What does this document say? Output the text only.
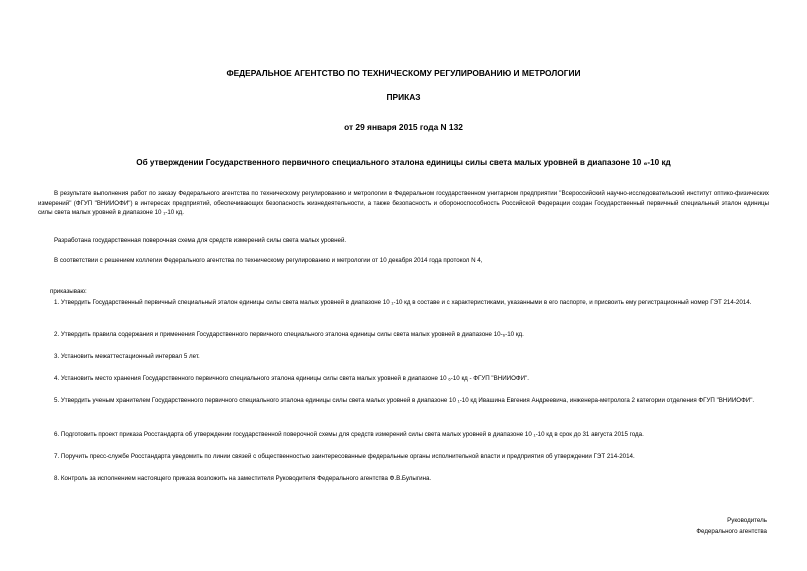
ФЕДЕРАЛЬНОЕ АГЕНТСТВО ПО ТЕХНИЧЕСКОМУ РЕГУЛИРОВАНИЮ И МЕТРОЛОГИИ
ПРИКАЗ
от 29 января 2015 года N 132
Об утверждении Государственного первичного специального эталона единицы силы света малых уровней в диапазоне 10 ₆-10 кд
В результате выполнения работ по заказу Федерального агентства по техническому регулированию и метрологии в Федеральном государственном унитарном предприятии "Всероссийский научно-исследовательский институт оптико-физических измерений" (ФГУП "ВНИИОФИ") в интересах предприятий, обеспечивающих безопасность жизнедеятельности, а также безопасность и обороноспособность Российской Федерации создан Государственный первичный специальный эталон единицы силы света малых уровней в диапазоне 10 ₁-10 кд.
Разработана государственная поверочная схема для средств измерений силы света малых уровней.
В соответствии с решением коллегии Федерального агентства по техническому регулированию и метрологии от 10 декабря 2014 года протокол N 4,
приказываю:
1. Утвердить Государственный первичный специальный эталон единицы силы света малых уровней в диапазоне 10 ₁-10 кд в составе и с характеристиками, указанными в его паспорте, и присвоить ему регистрационный номер ГЭТ 214-2014.
2. Утвердить правила содержания и применения Государственного первичного специального эталона единицы силы света малых уровней в диапазоне 10-₆-10 кд.
3. Установить межаттестационный интервал 5 лет.
4. Установить место хранения Государственного первичного специального эталона единицы силы света малых уровней в диапазоне 10 ₆-10 кд - ФГУП "ВНИИОФИ".
5. Утвердить ученым хранителем Государственного первичного специального эталона единицы силы света малых уровней в диапазоне 10 ₁-10 кд Ивашина Евгения Андреевича, инженера-метролога 2 категории отделения ФГУП "ВНИИОФИ".
6. Подготовить проект приказа Росстандарта об утверждении государственной поверочной схемы для средств измерений силы света малых уровней в диапазоне 10 ₁-10 кд в срок до 31 августа 2015 года.
7. Поручить пресс-службе Росстандарта уведомить по линии связей с общественностью заинтересованные федеральные органы исполнительной власти и предприятия об утверждении ГЭТ 214-2014.
8. Контроль за исполнением настоящего приказа возложить на заместителя Руководителя Федерального агентства Ф.В.Булыгина.
Руководитель
Федерального агентства
